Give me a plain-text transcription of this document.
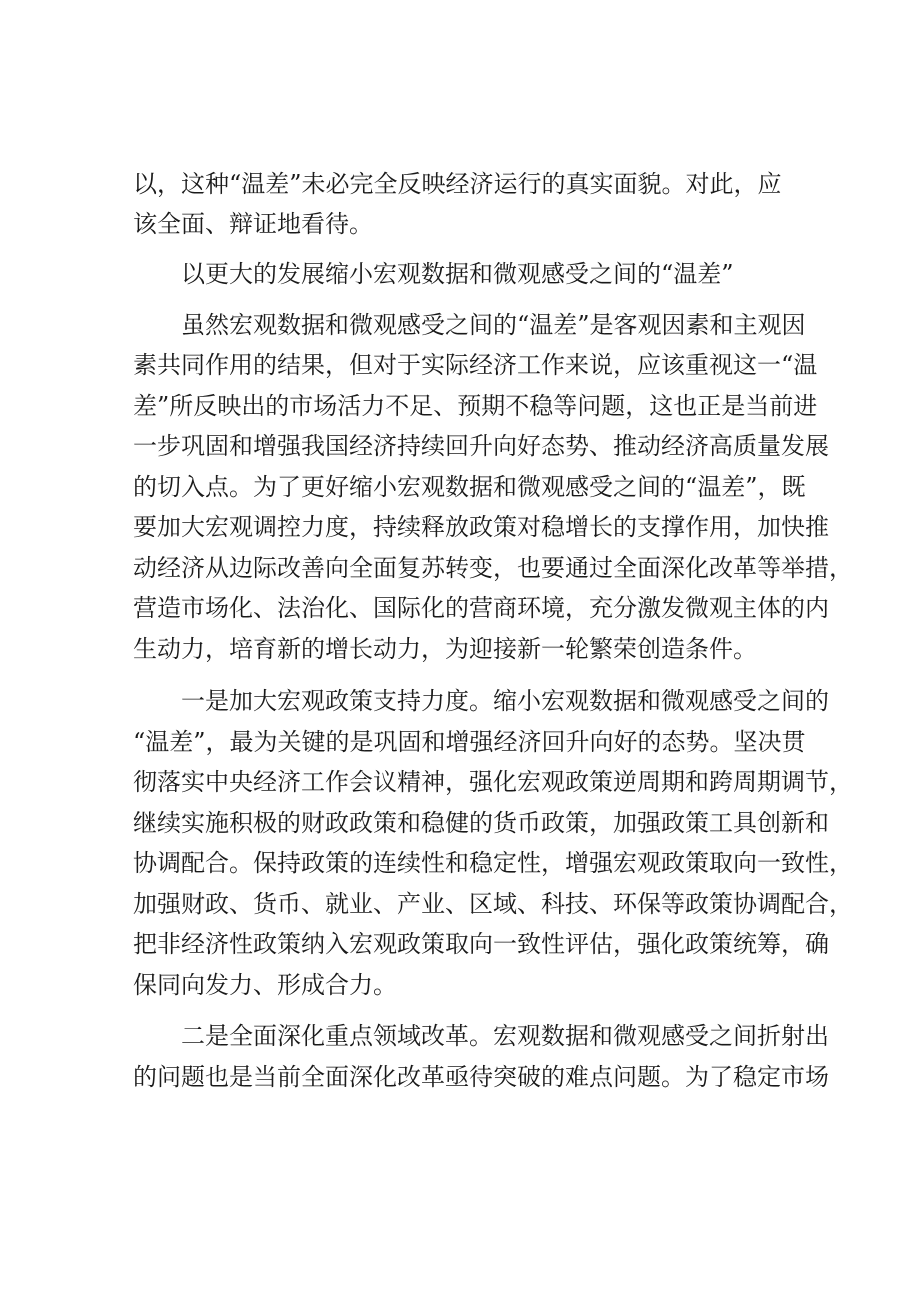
以，这种“温差”未必完全反映经济运行的真实面貌。对此，应
该全面、辩证地看待。
以更大的发展缩小宏观数据和微观感受之间的“温差”
虽然宏观数据和微观感受之间的“温差”是客观因素和主观因
素共同作用的结果，但对于实际经济工作来说，应该重视这一“温
差”所反映出的市场活力不足、预期不稳等问题，这也正是当前进
一步巩固和增强我国经济持续回升向好态势、推动经济高质量发展
的切入点。为了更好缩小宏观数据和微观感受之间的“温差”，既
要加大宏观调控力度，持续释放政策对稳增长的支撑作用，加快推
动经济从边际改善向全面复苏转变，也要通过全面深化改革等举措，
营造市场化、法治化、国际化的营商环境，充分激发微观主体的内
生动力，培育新的增长动力，为迎接新一轮繁荣创造条件。
一是加大宏观政策支持力度。缩小宏观数据和微观感受之间的
“温差”，最为关键的是巩固和增强经济回升向好的态势。坚决贯
彻落实中央经济工作会议精神，强化宏观政策逆周期和跨周期调节，
继续实施积极的财政政策和稳健的货币政策，加强政策工具创新和
协调配合。保持政策的连续性和稳定性，增强宏观政策取向一致性，
加强财政、货币、就业、产业、区域、科技、环保等政策协调配合，
把非经济性政策纳入宏观政策取向一致性评估，强化政策统筹，确
保同向发力、形成合力。
二是全面深化重点领域改革。宏观数据和微观感受之间折射出
的问题也是当前全面深化改革亟待突破的难点问题。为了稳定市场
